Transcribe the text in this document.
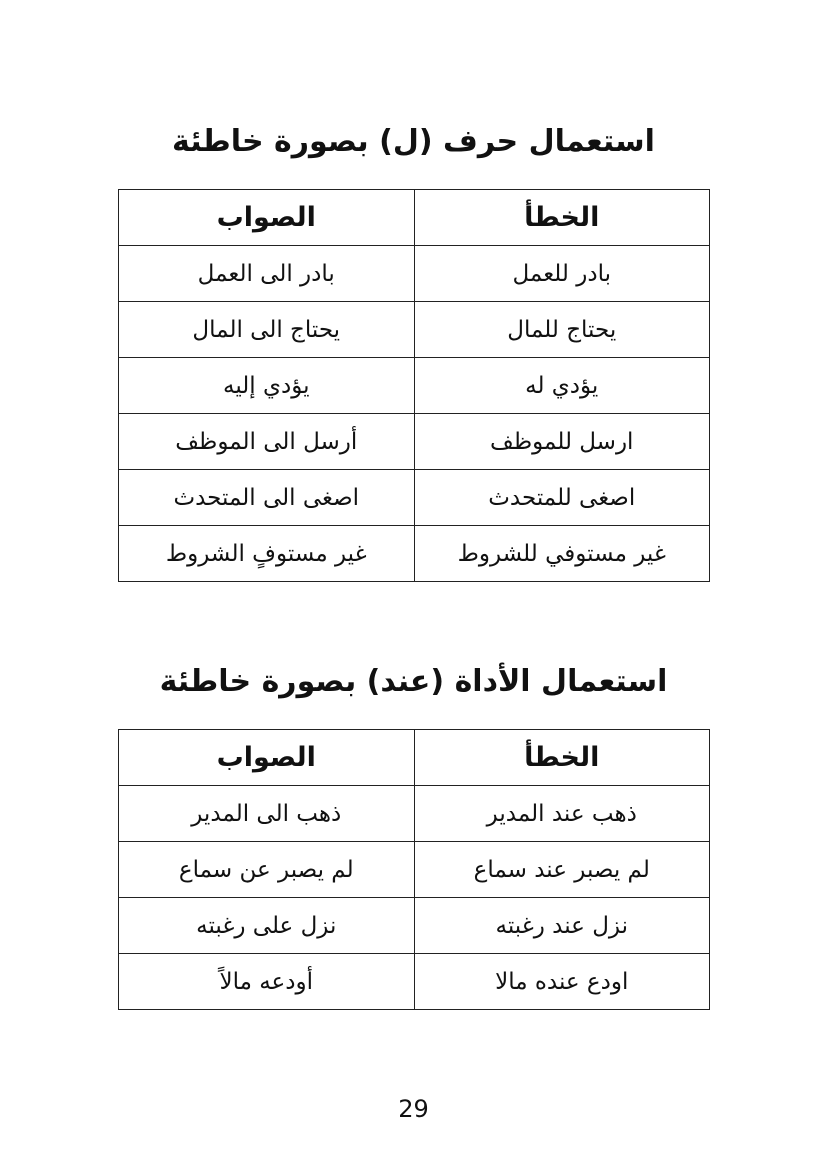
استعمال حرف (ل) بصورة خاطئة
الخطأ	الصواب
بادر للعمل	بادر الى العمل
يحتاج للمال	يحتاج الى المال
يؤدي له	يؤدي إليه
ارسل للموظف	أرسل الى الموظف
اصغى للمتحدث	اصغى الى المتحدث
غير مستوفي للشروط	غير مستوفٍ الشروط
استعمال الأداة (عند) بصورة خاطئة
الخطأ	الصواب
ذهب عند المدير	ذهب الى المدير
لم يصبر عند سماع	لم يصبر عن سماع
نزل عند رغبته	نزل على رغبته
اودع عنده مالا	أودعه مالاً
29
